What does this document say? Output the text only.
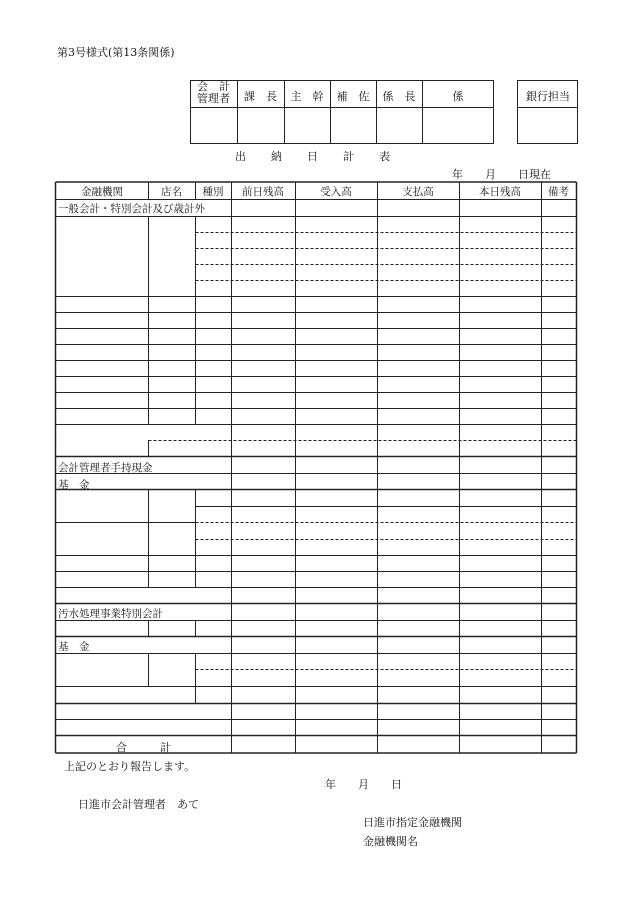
第3号様式(第13条関係)
会　計
管理者	課　長	主　幹	補　佐	係　長	係	銀行担当
出　　納　　日　　計　　表
年　　月　　日現在
金融機関	店名	種別	前日残高	受入高	支払高	本日残高	備考
一般会計・特別会計及び歳計外
会計管理者手持現金
基　金
汚水処理事業特別会計
基　金
合　　　計
上記のとおり報告します。
年　　月　　日
日進市会計管理者　あて
日進市指定金融機関
金融機関名
